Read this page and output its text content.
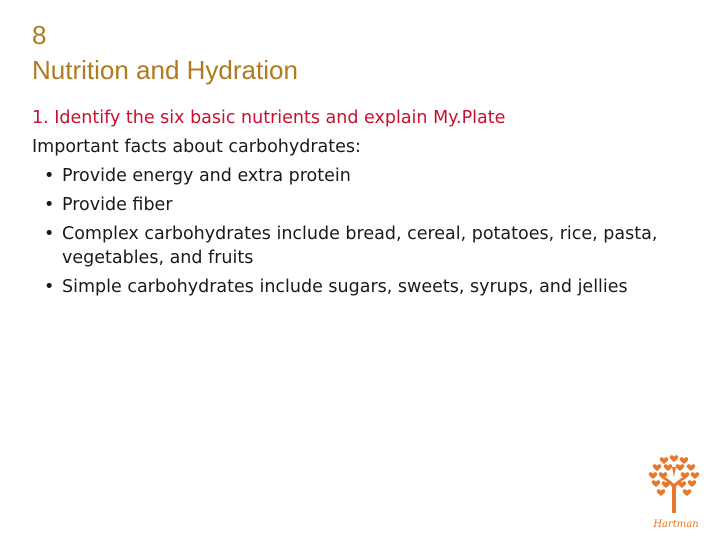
8
Nutrition and Hydration
1. Identify the six basic nutrients and explain My.Plate
Important facts about carbohydrates:
• Provide energy and extra protein
• Provide fiber
• Complex carbohydrates include bread, cereal, potatoes, rice, pasta, vegetables, and fruits
• Simple carbohydrates include sugars, sweets, syrups, and jellies
Hartman
